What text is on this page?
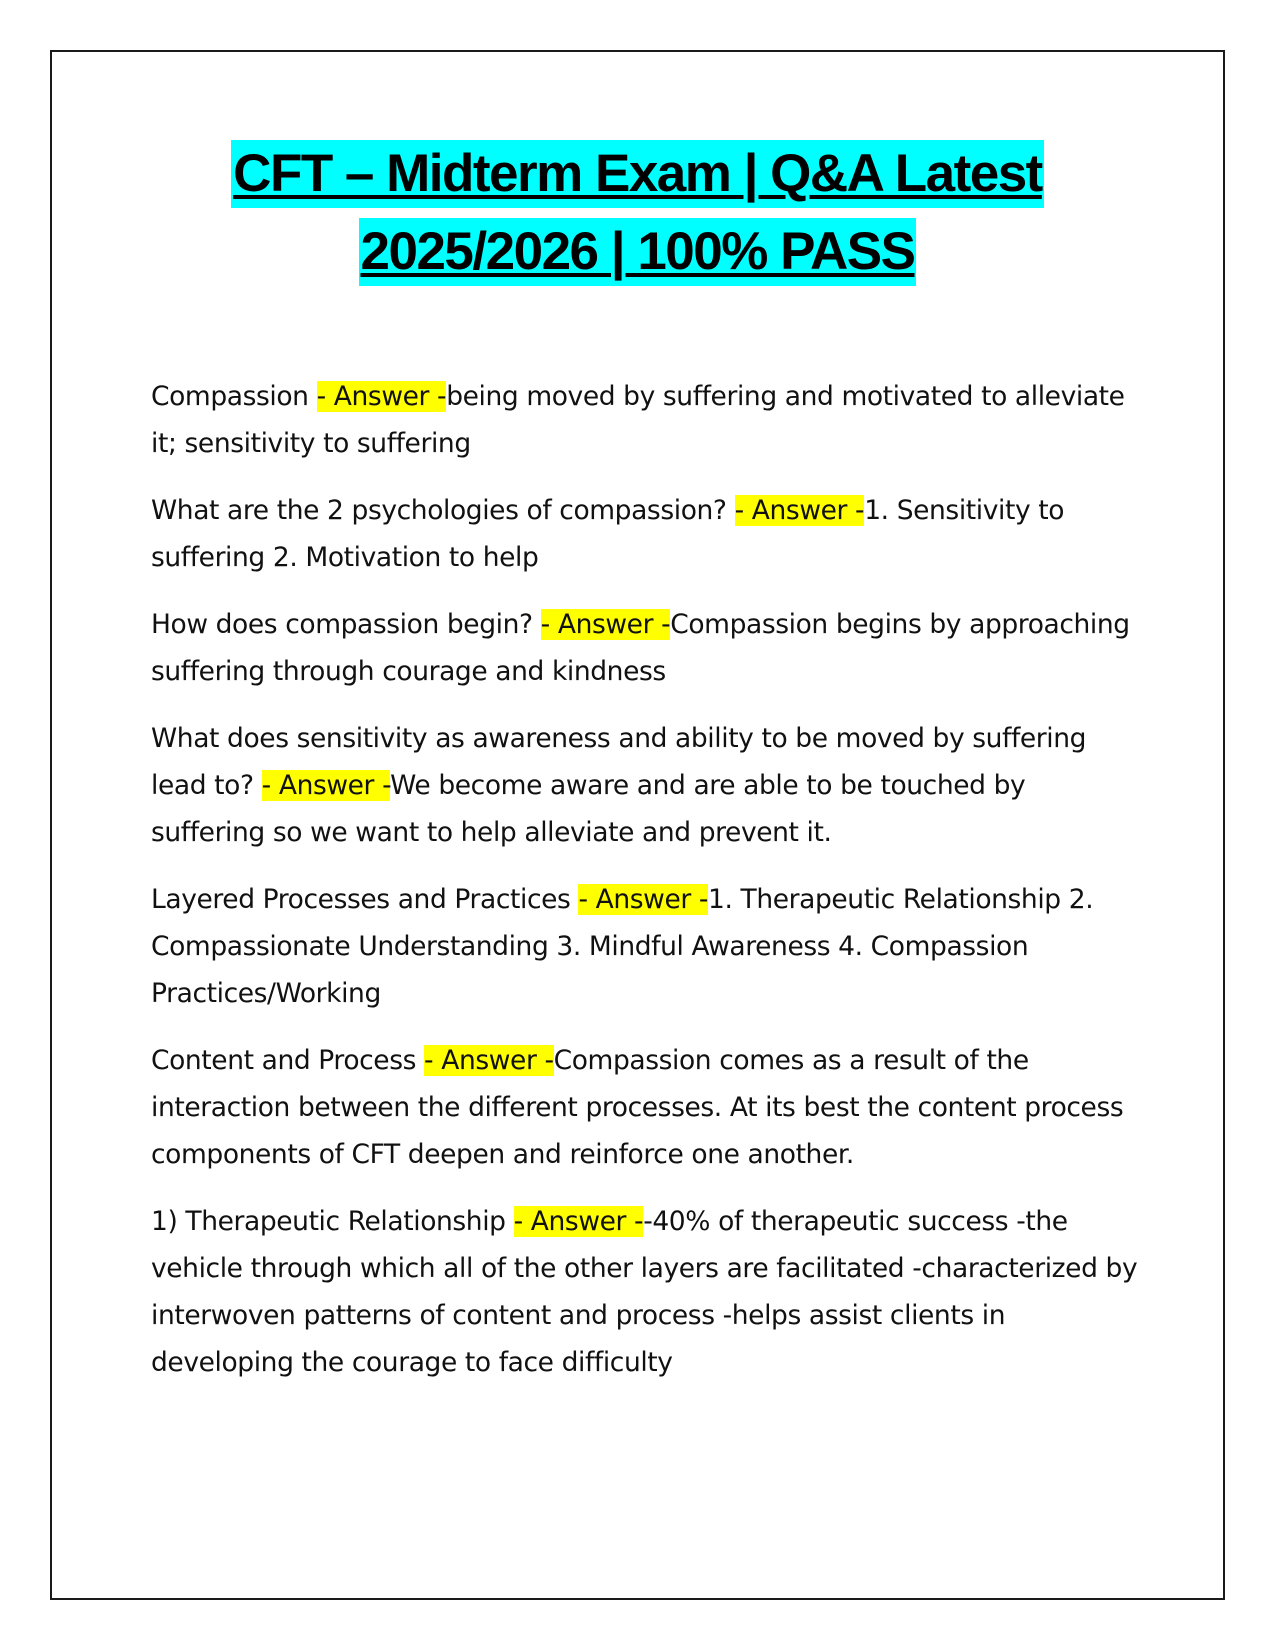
CFT – Midterm Exam | Q&A Latest
2025/2026 | 100% PASS

Compassion - Answer -being moved by suffering and motivated to alleviate it; sensitivity to suffering

What are the 2 psychologies of compassion? - Answer -1. Sensitivity to suffering 2. Motivation to help

How does compassion begin? - Answer -Compassion begins by approaching suffering through courage and kindness

What does sensitivity as awareness and ability to be moved by suffering lead to? - Answer -We become aware and are able to be touched by suffering so we want to help alleviate and prevent it.

Layered Processes and Practices - Answer -1. Therapeutic Relationship 2. Compassionate Understanding 3. Mindful Awareness 4. Compassion Practices/Working

Content and Process - Answer -Compassion comes as a result of the interaction between the different processes. At its best the content process components of CFT deepen and reinforce one another.

1) Therapeutic Relationship - Answer --40% of therapeutic success -the vehicle through which all of the other layers are facilitated -characterized by interwoven patterns of content and process -helps assist clients in developing the courage to face difficulty
